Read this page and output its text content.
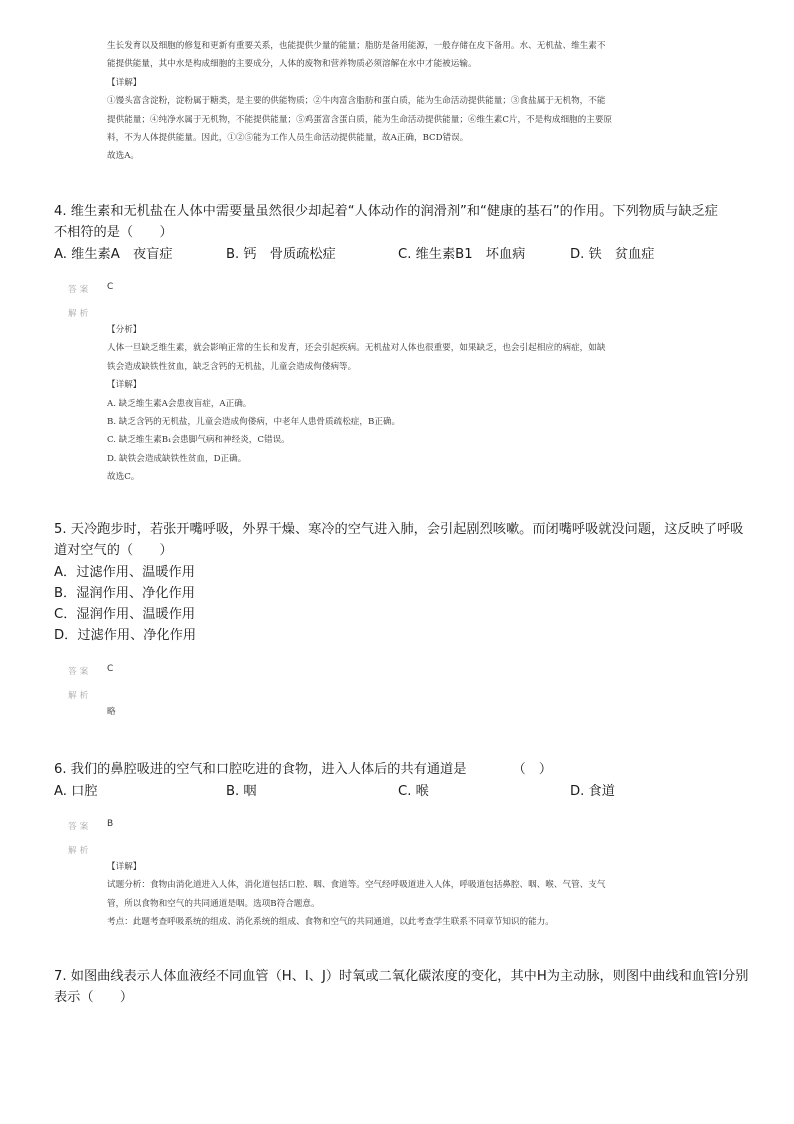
生长发育以及细胞的修复和更新有重要关系，也能提供少量的能量；脂肪是备用能源，一般存储在皮下备用。水、无机盐、维生素不

能提供能量，其中水是构成细胞的主要成分，人体的废物和营养物质必须溶解在水中才能被运输。

【详解】

①馒头富含淀粉，淀粉属于糖类，是主要的供能物质；②牛肉富含脂肪和蛋白质，能为生命活动提供能量；③食盐属于无机物，不能

提供能量；④纯净水属于无机物，不能提供能量；⑤鸡蛋富含蛋白质，能为生命活动提供能量；⑥维生素C片，不是构成细胞的主要原

料，不为人体提供能量。因此，①②⑤能为工作人员生命活动提供能量，故A正确，BCD错误。

故选A。

4. 维生素和无机盐在人体中需要量虽然很少却起着“人体动作的润滑剂”和“健康的基石”的作用。下列物质与缺乏症

不相符的是（　　）

A. 维生素A　夜盲症	B. 钙　骨质疏松症	C. 维生素B1　坏血病	D. 铁　贫血症
答案 C
解析

【分析】

人体一旦缺乏维生素，就会影响正常的生长和发育，还会引起疾病。无机盐对人体也很重要，如果缺乏，也会引起相应的病症，如缺

铁会造成缺铁性贫血，缺乏含钙的无机盐，儿童会造成佝偻病等。

【详解】

A. 缺乏维生素A会患夜盲症，A正确。

B. 缺乏含钙的无机盐，儿童会造成佝偻病，中老年人患骨质疏松症，B正确。

C. 缺乏维生素B₁会患脚气病和神经炎，C错误。

D. 缺铁会造成缺铁性贫血，D正确。

故选C。

5. 天冷跑步时，若张开嘴呼吸，外界干燥、寒冷的空气进入肺，会引起剧烈咳嗽。而闭嘴呼吸就没问题，这反映了呼吸

道对空气的（　　）

A．过滤作用、温暖作用
B．湿润作用、净化作用
C．湿润作用、温暖作用
D．过滤作用、净化作用
答案 C
解析

略

6. 我们的鼻腔吸进的空气和口腔吃进的食物，进入人体后的共有通道是　　　　（　）

A. 口腔	B. 咽	C. 喉	D. 食道
答案 B
解析

【详解】

试题分析：食物由消化道进入人体，消化道包括口腔、咽、食道等。空气经呼吸道进入人体，呼吸道包括鼻腔、咽、喉、气管、支气

管，所以食物和空气的共同通道是咽。选项B符合题意。

考点：此题考查呼吸系统的组成、消化系统的组成、食物和空气的共同通道，以此考查学生联系不同章节知识的能力。

7. 如图曲线表示人体血液经不同血管（H、I、J）时氧或二氧化碳浓度的变化，其中H为主动脉，则图中曲线和血管I分别

表示（　　）
